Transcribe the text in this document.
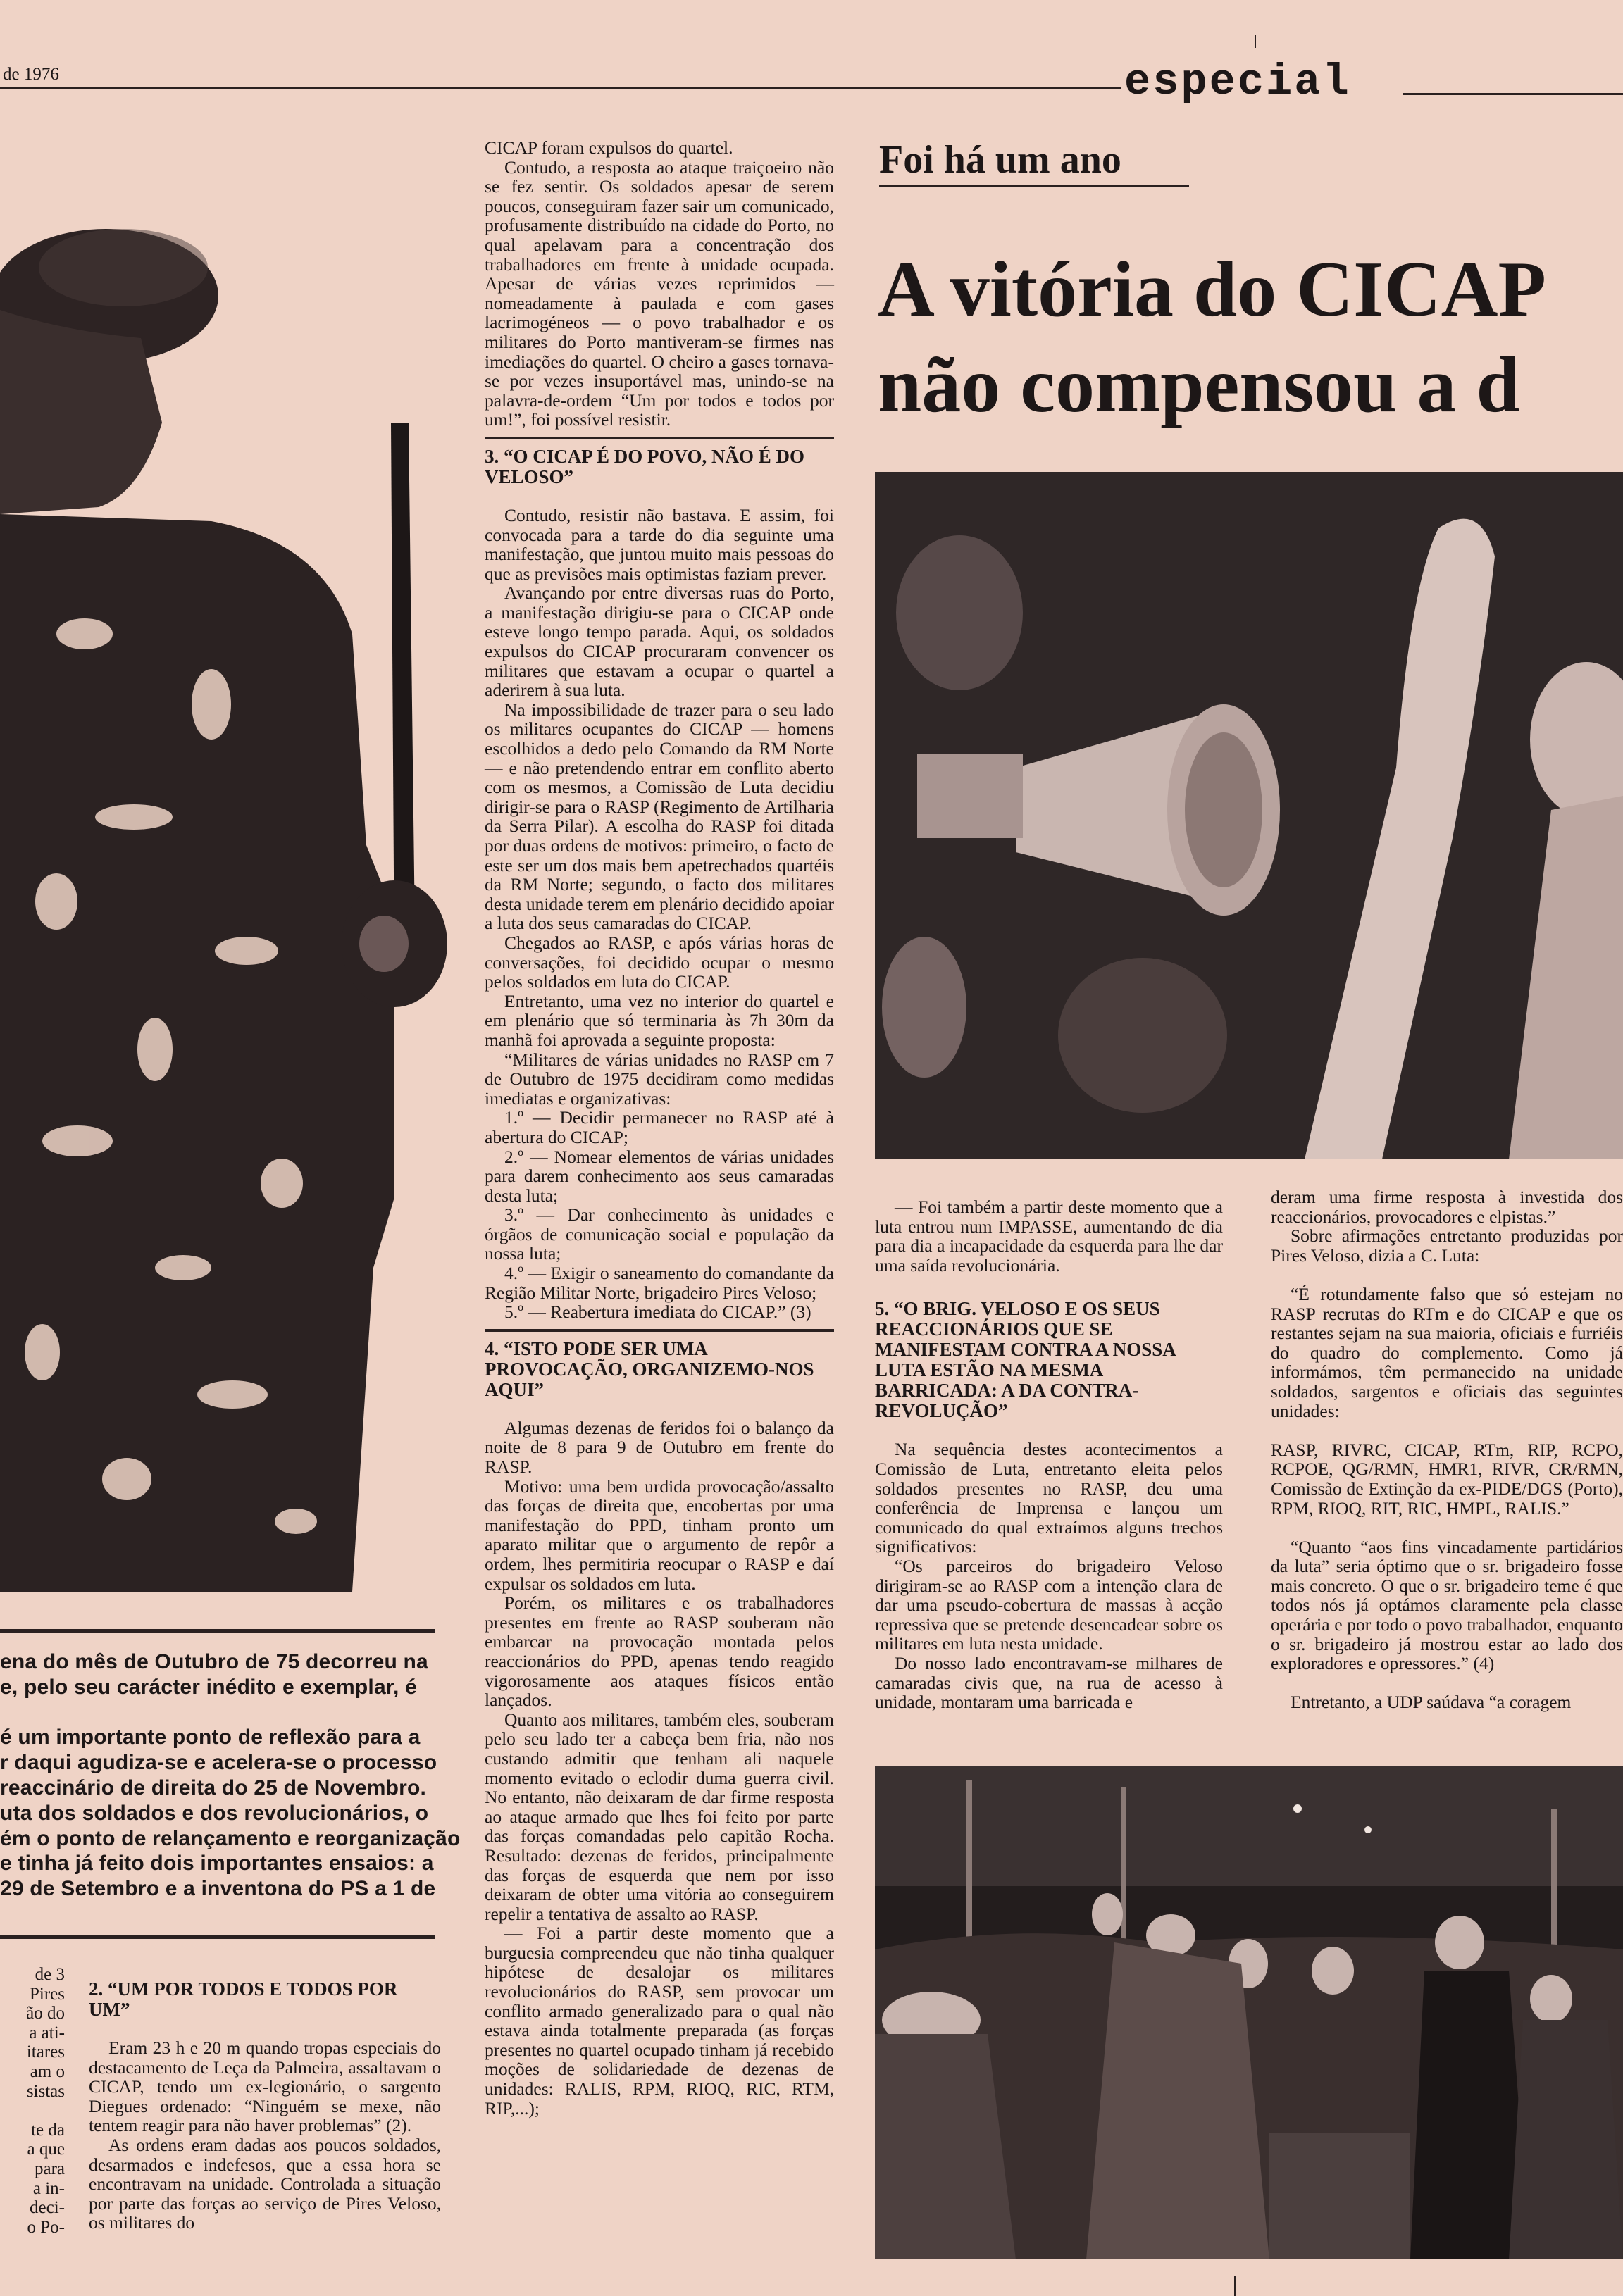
de 1976	especial
ena do mês de Outubro de 75 decorreu na
e, pelo seu carácter inédito e exemplar, é

é um importante ponto de reflexão para a
r daqui agudiza-se e acelera-se o processo
reaccinário de direita do 25 de Novembro.
uta dos soldados e dos revolucionários, o
ém o ponto de relançamento e reorganização
e tinha já feito dois importantes ensaios: a
29 de Setembro e a inventona do PS a 1 de
de 3
Pires
ão do
a ati-
itares
am o
sistas

te da
a que
para
a in-
deci-
o Po-
2. “UM POR TODOS E TODOS POR UM”

Eram 23 h e 20 m quando tropas especiais do destacamento de Leça da Palmeira, assaltavam o CICAP, tendo um ex-legionário, o sargento Diegues ordenado: “Ninguém se mexe, não tentem reagir para não haver problemas” (2).

As ordens eram dadas aos poucos soldados, desarmados e indefesos, que a essa hora se encontravam na unidade. Controlada a situação por parte das forças ao serviço de Pires Veloso, os militares do

CICAP foram expulsos do quartel.

Contudo, a resposta ao ataque traiçoeiro não se fez sentir. Os soldados apesar de serem poucos, conseguiram fazer sair um comunicado, profusamente distribuído na cidade do Porto, no qual apelavam para a concentração dos trabalhadores em frente à unidade ocupada. Apesar de várias vezes reprimidos — nomeadamente à paulada e com gases lacrimogéneos — o povo trabalhador e os militares do Porto mantiveram-se firmes nas imediações do quartel. O cheiro a gases tornava-se por vezes insuportável mas, unindo-se na palavra-de-ordem “Um por todos e todos por um!”, foi possível resistir.

3. “O CICAP É DO POVO, NÃO É DO VELOSO”

Contudo, resistir não bastava. E assim, foi convocada para a tarde do dia seguinte uma manifestação, que juntou muito mais pessoas do que as previsões mais optimistas faziam prever.

Avançando por entre diversas ruas do Porto, a manifestação dirigiu-se para o CICAP onde esteve longo tempo parada. Aqui, os soldados expulsos do CICAP procuraram convencer os militares que estavam a ocupar o quartel a aderirem à sua luta.

Na impossibilidade de trazer para o seu lado os militares ocupantes do CICAP — homens escolhidos a dedo pelo Comando da RM Norte — e não pretendendo entrar em conflito aberto com os mesmos, a Comissão de Luta decidiu dirigir-se para o RASP (Regimento de Artilharia da Serra Pilar). A escolha do RASP foi ditada por duas ordens de motivos: primeiro, o facto de este ser um dos mais bem apetrechados quartéis da RM Norte; segundo, o facto dos militares desta unidade terem em plenário decidido apoiar a luta dos seus camaradas do CICAP.

Chegados ao RASP, e após várias horas de conversações, foi decidido ocupar o mesmo pelos soldados em luta do CICAP.

Entretanto, uma vez no interior do quartel e em plenário que só terminaria às 7h 30m da manhã foi aprovada a seguinte proposta:

“Militares de várias unidades no RASP em 7 de Outubro de 1975 decidiram como medidas imediatas e organizativas:

1.º — Decidir permanecer no RASP até à abertura do CICAP;

2.º — Nomear elementos de várias unidades para darem conhecimento aos seus camaradas desta luta;

3.º — Dar conhecimento às unidades e órgãos de comunicação social e população da nossa luta;

4.º — Exigir o saneamento do comandante da Região Militar Norte, brigadeiro Pires Veloso;

5.º — Reabertura imediata do CICAP.” (3)

4. “ISTO PODE SER UMA PROVOCAÇÃO, ORGANIZEMO-NOS AQUI”

Algumas dezenas de feridos foi o balanço da noite de 8 para 9 de Outubro em frente do RASP.

Motivo: uma bem urdida provocação/assalto das forças de direita que, encobertas por uma manifestação do PPD, tinham pronto um aparato militar que o argumento de repôr a ordem, lhes permitiria reocupar o RASP e daí expulsar os soldados em luta.

Porém, os militares e os trabalhadores presentes em frente ao RASP souberam não embarcar na provocação montada pelos reaccionários do PPD, apenas tendo reagido vigorosamente aos ataques físicos então lançados.

Quanto aos militares, também eles, souberam pelo seu lado ter a cabeça bem fria, não nos custando admitir que tenham ali naquele momento evitado o eclodir duma guerra civil. No entanto, não deixaram de dar firme resposta ao ataque armado que lhes foi feito por parte das forças comandadas pelo capitão Rocha. Resultado: dezenas de feridos, principalmente das forças de esquerda que nem por isso deixaram de obter uma vitória ao conseguirem repelir a tentativa de assalto ao RASP.

— Foi a partir deste momento que a burguesia compreendeu que não tinha qualquer hipótese de desalojar os militares revolucionários do RASP, sem provocar um conflito armado generalizado para o qual não estava ainda totalmente preparada (as forças presentes no quartel ocupado tinham já recebido moções de solidariedade de dezenas de unidades: RALIS, RPM, RIOQ, RIC, RTM, RIP,...);

Foi há um ano
A vitória do CICAP
não compensou a d

— Foi também a partir deste momento que a luta entrou num IMPASSE, aumentando de dia para dia a incapacidade da esquerda para lhe dar uma saída revolucionária.

5. “O BRIG. VELOSO E OS SEUS REACCIONÁRIOS QUE SE MANIFESTAM CONTRA A NOSSA LUTA ESTÃO NA MESMA BARRICADA: A DA CONTRA-REVOLUÇÃO”

Na sequência destes acontecimentos a Comissão de Luta, entretanto eleita pelos soldados presentes no RASP, deu uma conferência de Imprensa e lançou um comunicado do qual extraímos alguns trechos significativos:

“Os parceiros do brigadeiro Veloso dirigiram-se ao RASP com a intenção clara de dar uma pseudo-cobertura de massas à acção repressiva que se pretende desencadear sobre os militares em luta nesta unidade.

Do nosso lado encontravam-se milhares de camaradas civis que, na rua de acesso à unidade, montaram uma barricada e

deram uma firme resposta à investida dos reaccionários, provocadores e elpistas.”

Sobre afirmações entretanto produzidas por Pires Veloso, dizia a C. Luta:

“É rotundamente falso que só estejam no RASP recrutas do RTm e do CICAP e que os restantes sejam na sua maioria, oficiais e furriéis do quadro do complemento. Como já informámos, têm permanecido na unidade soldados, sargentos e oficiais das seguintes unidades:

RASP, RIVRC, CICAP, RTm, RIP, RCPO, RCPOE, QG/RMN, HMR1, RIVR, CR/RMN, Comissão de Extinção da ex-PIDE/DGS (Porto), RPM, RIOQ, RIT, RIC, HMPL, RALIS.”

“Quanto “aos fins vincadamente partidários da luta” seria óptimo que o sr. brigadeiro fosse mais concreto. O que o sr. brigadeiro teme é que todos nós já optámos claramente pela classe operária e por todo o povo trabalhador, enquanto o sr. brigadeiro já mostrou estar ao lado dos exploradores e opressores.” (4)

Entretanto, a UDP saúdava “a coragem
